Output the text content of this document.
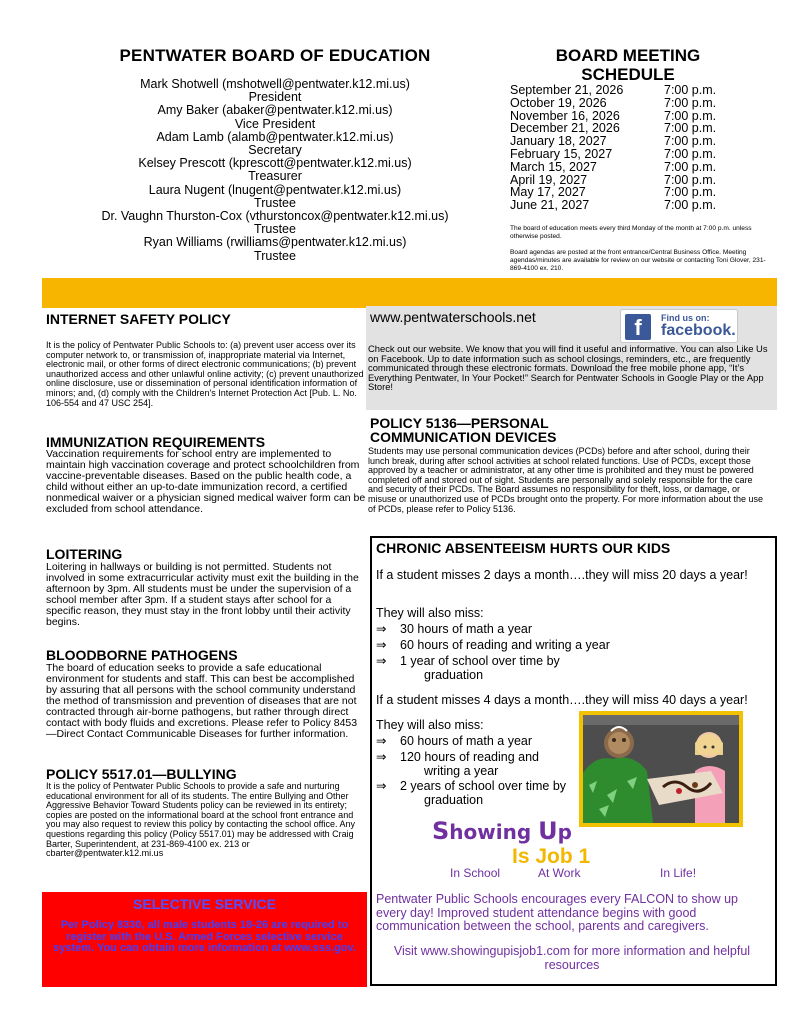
PENTWATER BOARD OF EDUCATION
Mark Shotwell (mshotwell@pentwater.k12.mi.us)
President
Amy Baker (abaker@pentwater.k12.mi.us)
Vice President
Adam Lamb (alamb@pentwater.k12.mi.us)
Secretary
Kelsey Prescott (kprescott@pentwater.k12.mi.us)
Treasurer
Laura Nugent (lnugent@pentwater.k12.mi.us)
Trustee
Dr. Vaughn Thurston-Cox (vthurstoncox@pentwater.k12.mi.us)
Trustee
Ryan Williams (rwilliams@pentwater.k12.mi.us)
Trustee
BOARD MEETING
SCHEDULE
September 21, 2026	7:00 p.m.
October 19, 2026	7:00 p.m.
November 16, 2026	7:00 p.m.
December 21, 2026	7:00 p.m.
January 18, 2027	7:00 p.m.
February 15, 2027	7:00 p.m.
March 15, 2027	7:00 p.m.
April 19, 2027	7:00 p.m.
May 17, 2027	7:00 p.m.
June 21, 2027	7:00 p.m.
The board of education meets every third Monday of the month at 7:00 p.m. unless otherwise posted.
Board agendas are posted at the front entrance/Central Business Office. Meeting agendas/minutes are available for review on our website or contacting Toni Glover, 231-869-4100 ex. 210.
INTERNET SAFETY POLICY
It is the policy of Pentwater Public Schools to: (a) prevent user access over its computer network to, or transmission of, inappropriate material via Internet, electronic mail, or other forms of direct electronic communications; (b) prevent unauthorized access and other unlawful online activity; (c) prevent unauthorized online disclosure, use or dissemination of personal identification information of minors; and, (d) comply with the Children's Internet Protection Act [Pub. L. No. 106-554 and 47 USC 254].
IMMUNIZATION REQUIREMENTS
Vaccination requirements for school entry are implemented to maintain high vaccination coverage and protect schoolchildren from vaccine-preventable diseases. Based on the public health code, a child without either an up-to-date immunization record, a certified nonmedical waiver or a physician signed medical waiver form can be excluded from school attendance.
LOITERING
Loitering in hallways or building is not permitted. Students not involved in some extracurricular activity must exit the building in the afternoon by 3pm. All students must be under the supervision of a school member after 3pm. If a student stays after school for a specific reason, they must stay in the front lobby until their activity begins.
BLOODBORNE PATHOGENS
The board of education seeks to provide a safe educational environment for students and staff. This can best be accomplished by assuring that all persons with the school community understand the method of transmission and prevention of diseases that are not contracted through air-borne pathogens, but rather through direct contact with body fluids and excretions. Please refer to Policy 8453—Direct Contact Communicable Diseases for further information.
POLICY 5517.01—BULLYING
It is the policy of Pentwater Public Schools to provide a safe and nurturing educational environment for all of its students. The entire Bullying and Other Aggressive Behavior Toward Students policy can be reviewed in its entirety; copies are posted on the informational board at the school front entrance and you may also request to review this policy by contacting the school office. Any questions regarding this policy (Policy 5517.01) may be addressed with Craig Barter, Superintendent, at 231-869-4100 ex. 213 or cbarter@pentwater.k12.mi.us
SELECTIVE SERVICE
Per Policy 8330, all male students 18-26 are required to register with the U.S. Armed Forces selective service system. You can obtain more information at www.sss.gov.
www.pentwaterschools.net	f	Find us on:
facebook.
Check out our website. We know that you will find it useful and informative. You can also Like Us on Facebook. Up to date information such as school closings, reminders, etc., are frequently communicated through these electronic formats. Download the free mobile phone app, “It’s Everything Pentwater, In Your Pocket!” Search for Pentwater Schools in Google Play or the App Store!
POLICY 5136—PERSONAL
COMMUNICATION DEVICES
Students may use personal communication devices (PCDs) before and after school, during their lunch break, during after school activities at school related functions. Use of PCDs, except those approved by a teacher or administrator, at any other time is prohibited and they must be powered completed off and stored out of sight. Students are personally and solely responsible for the care and security of their PCDs. The Board assumes no responsibility for theft, loss, or damage, or misuse or unauthorized use of PCDs brought onto the property. For more information about the use of PCDs, please refer to Policy 5136.
CHRONIC ABSENTEEISM HURTS OUR KIDS
If a student misses 2 days a month….they will miss 20 days a year!
They will also miss:
⇒	30 hours of math a year
⇒	60 hours of reading and writing a year
⇒	1 year of school over time by
graduation
If a student misses 4 days a month….they will miss 40 days a year!
They will also miss:
⇒	60 hours of math a year
⇒	120 hours of reading and
writing a year
⇒	2 years of school over time by
graduation
Showing Up
Is Job 1
In School	At Work	In Life!
Pentwater Public Schools encourages every FALCON to show up every day! Improved student attendance begins with good communication between the school, parents and caregivers.
Visit www.showingupisjob1.com for more information and helpful resources
